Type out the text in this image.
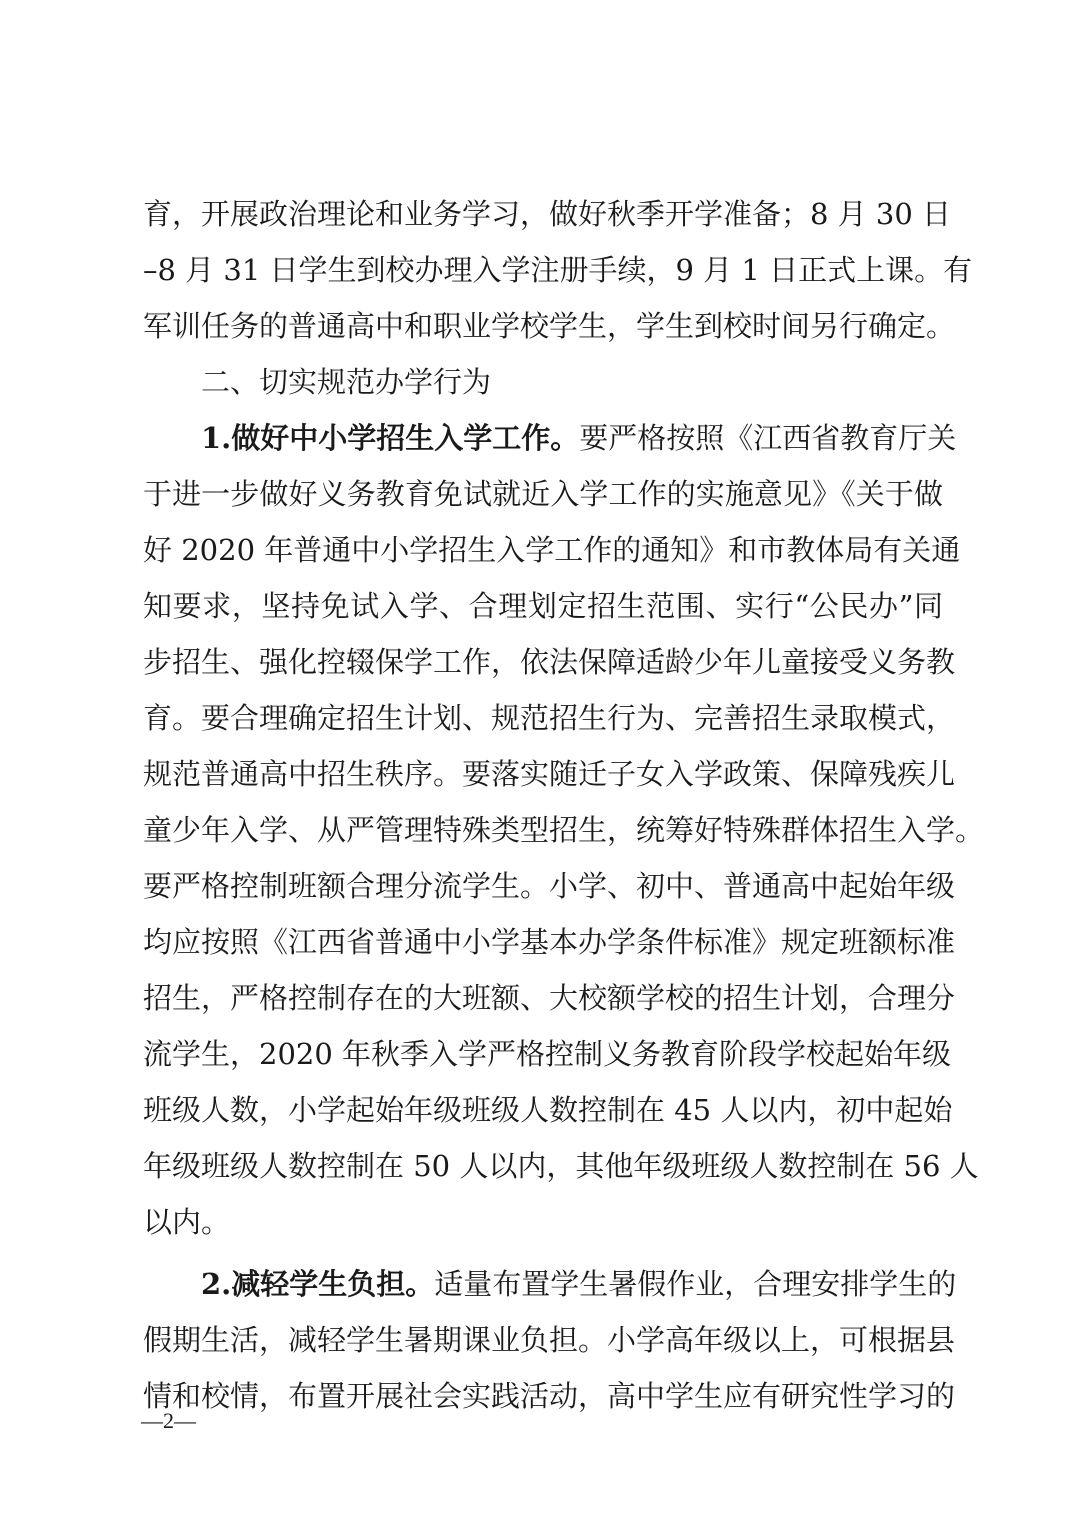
育，开展政治理论和业务学习，做好秋季开学准备；8 月 30 日
–8 月 31 日学生到校办理入学注册手续，9 月 1 日正式上课。有
军训任务的普通高中和职业学校学生，学生到校时间另行确定。
二、切实规范办学行为
1.做好中小学招生入学工作。要严格按照《江西省教育厅关
于进一步做好义务教育免试就近入学工作的实施意见》《关于做
好 2020 年普通中小学招生入学工作的通知》和市教体局有关通
知要求，坚持免试入学、合理划定招生范围、实行“公民办”同
步招生、强化控辍保学工作，依法保障适龄少年儿童接受义务教
育。要合理确定招生计划、规范招生行为、完善招生录取模式，
规范普通高中招生秩序。要落实随迁子女入学政策、保障残疾儿
童少年入学、从严管理特殊类型招生，统筹好特殊群体招生入学。
要严格控制班额合理分流学生。小学、初中、普通高中起始年级
均应按照《江西省普通中小学基本办学条件标准》规定班额标准
招生，严格控制存在的大班额、大校额学校的招生计划，合理分
流学生，2020 年秋季入学严格控制义务教育阶段学校起始年级
班级人数，小学起始年级班级人数控制在 45 人以内，初中起始
年级班级人数控制在 50 人以内，其他年级班级人数控制在 56 人
以内。
2.减轻学生负担。适量布置学生暑假作业，合理安排学生的
假期生活，减轻学生暑期课业负担。小学高年级以上，可根据县
情和校情，布置开展社会实践活动，高中学生应有研究性学习的
—2—
